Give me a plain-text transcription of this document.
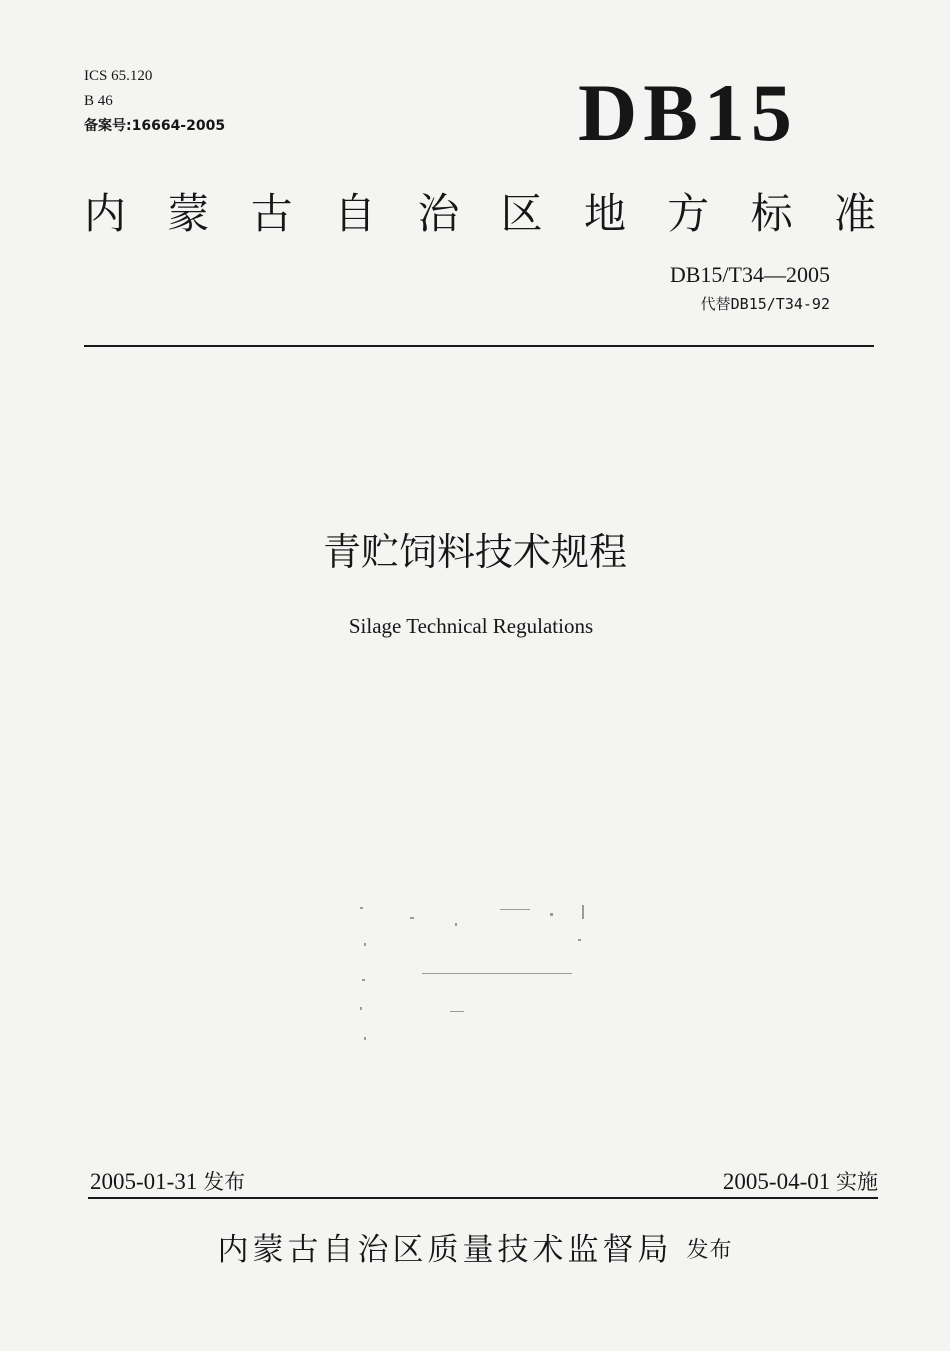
ICS 65.120
B 46
备案号:16664-2005	DB15
内 蒙 古 自 治 区 地 方 标 准
DB15/T34—2005
代替DB15/T34-92
青贮饲料技术规程
Silage Technical Regulations
2005-01-31 发布	2005-04-01 实施
内蒙古自治区质量技术监督局 发布
